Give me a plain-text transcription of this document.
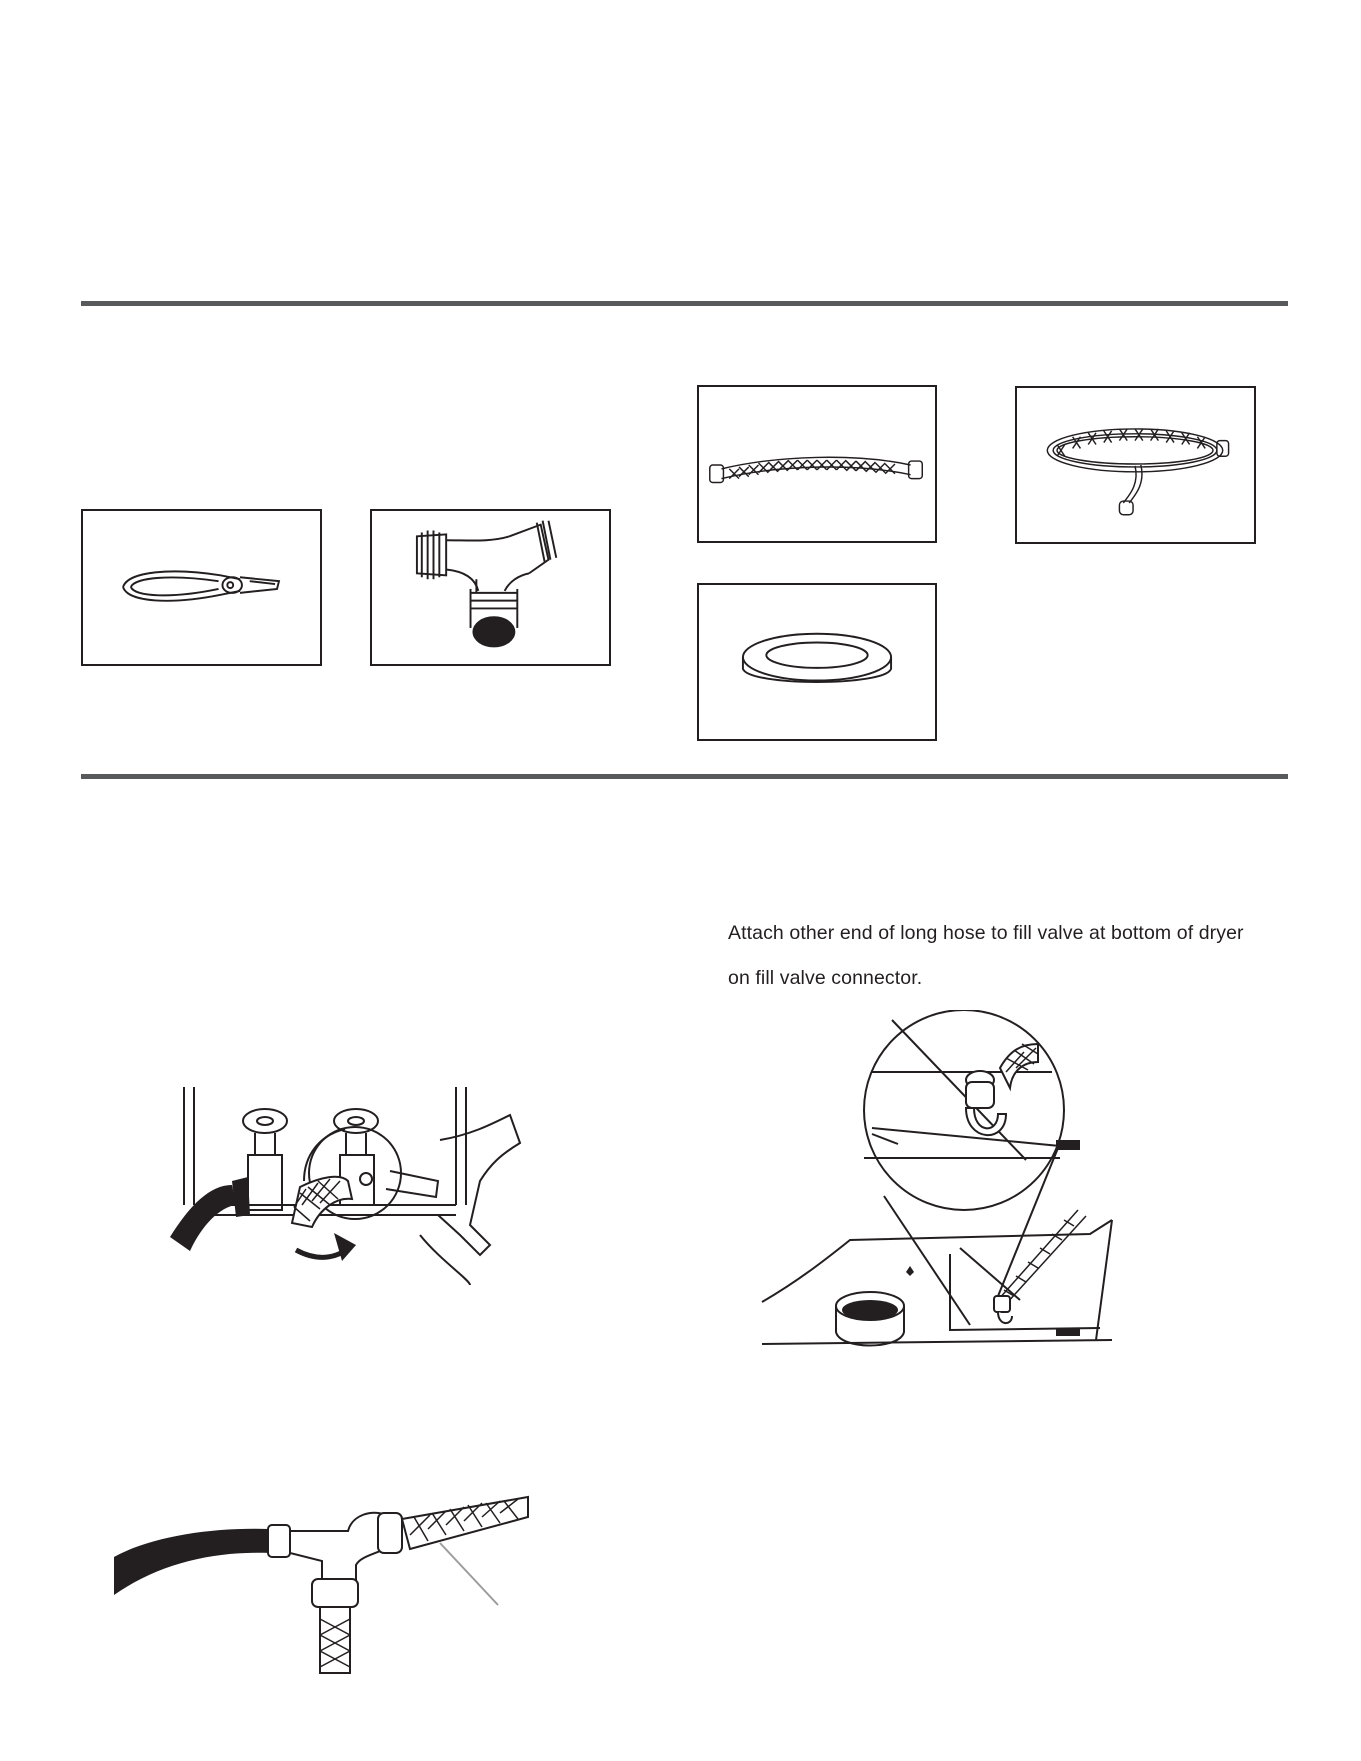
Attach other end of long hose to fill valve at bottom of dryer
on fill valve connector.
